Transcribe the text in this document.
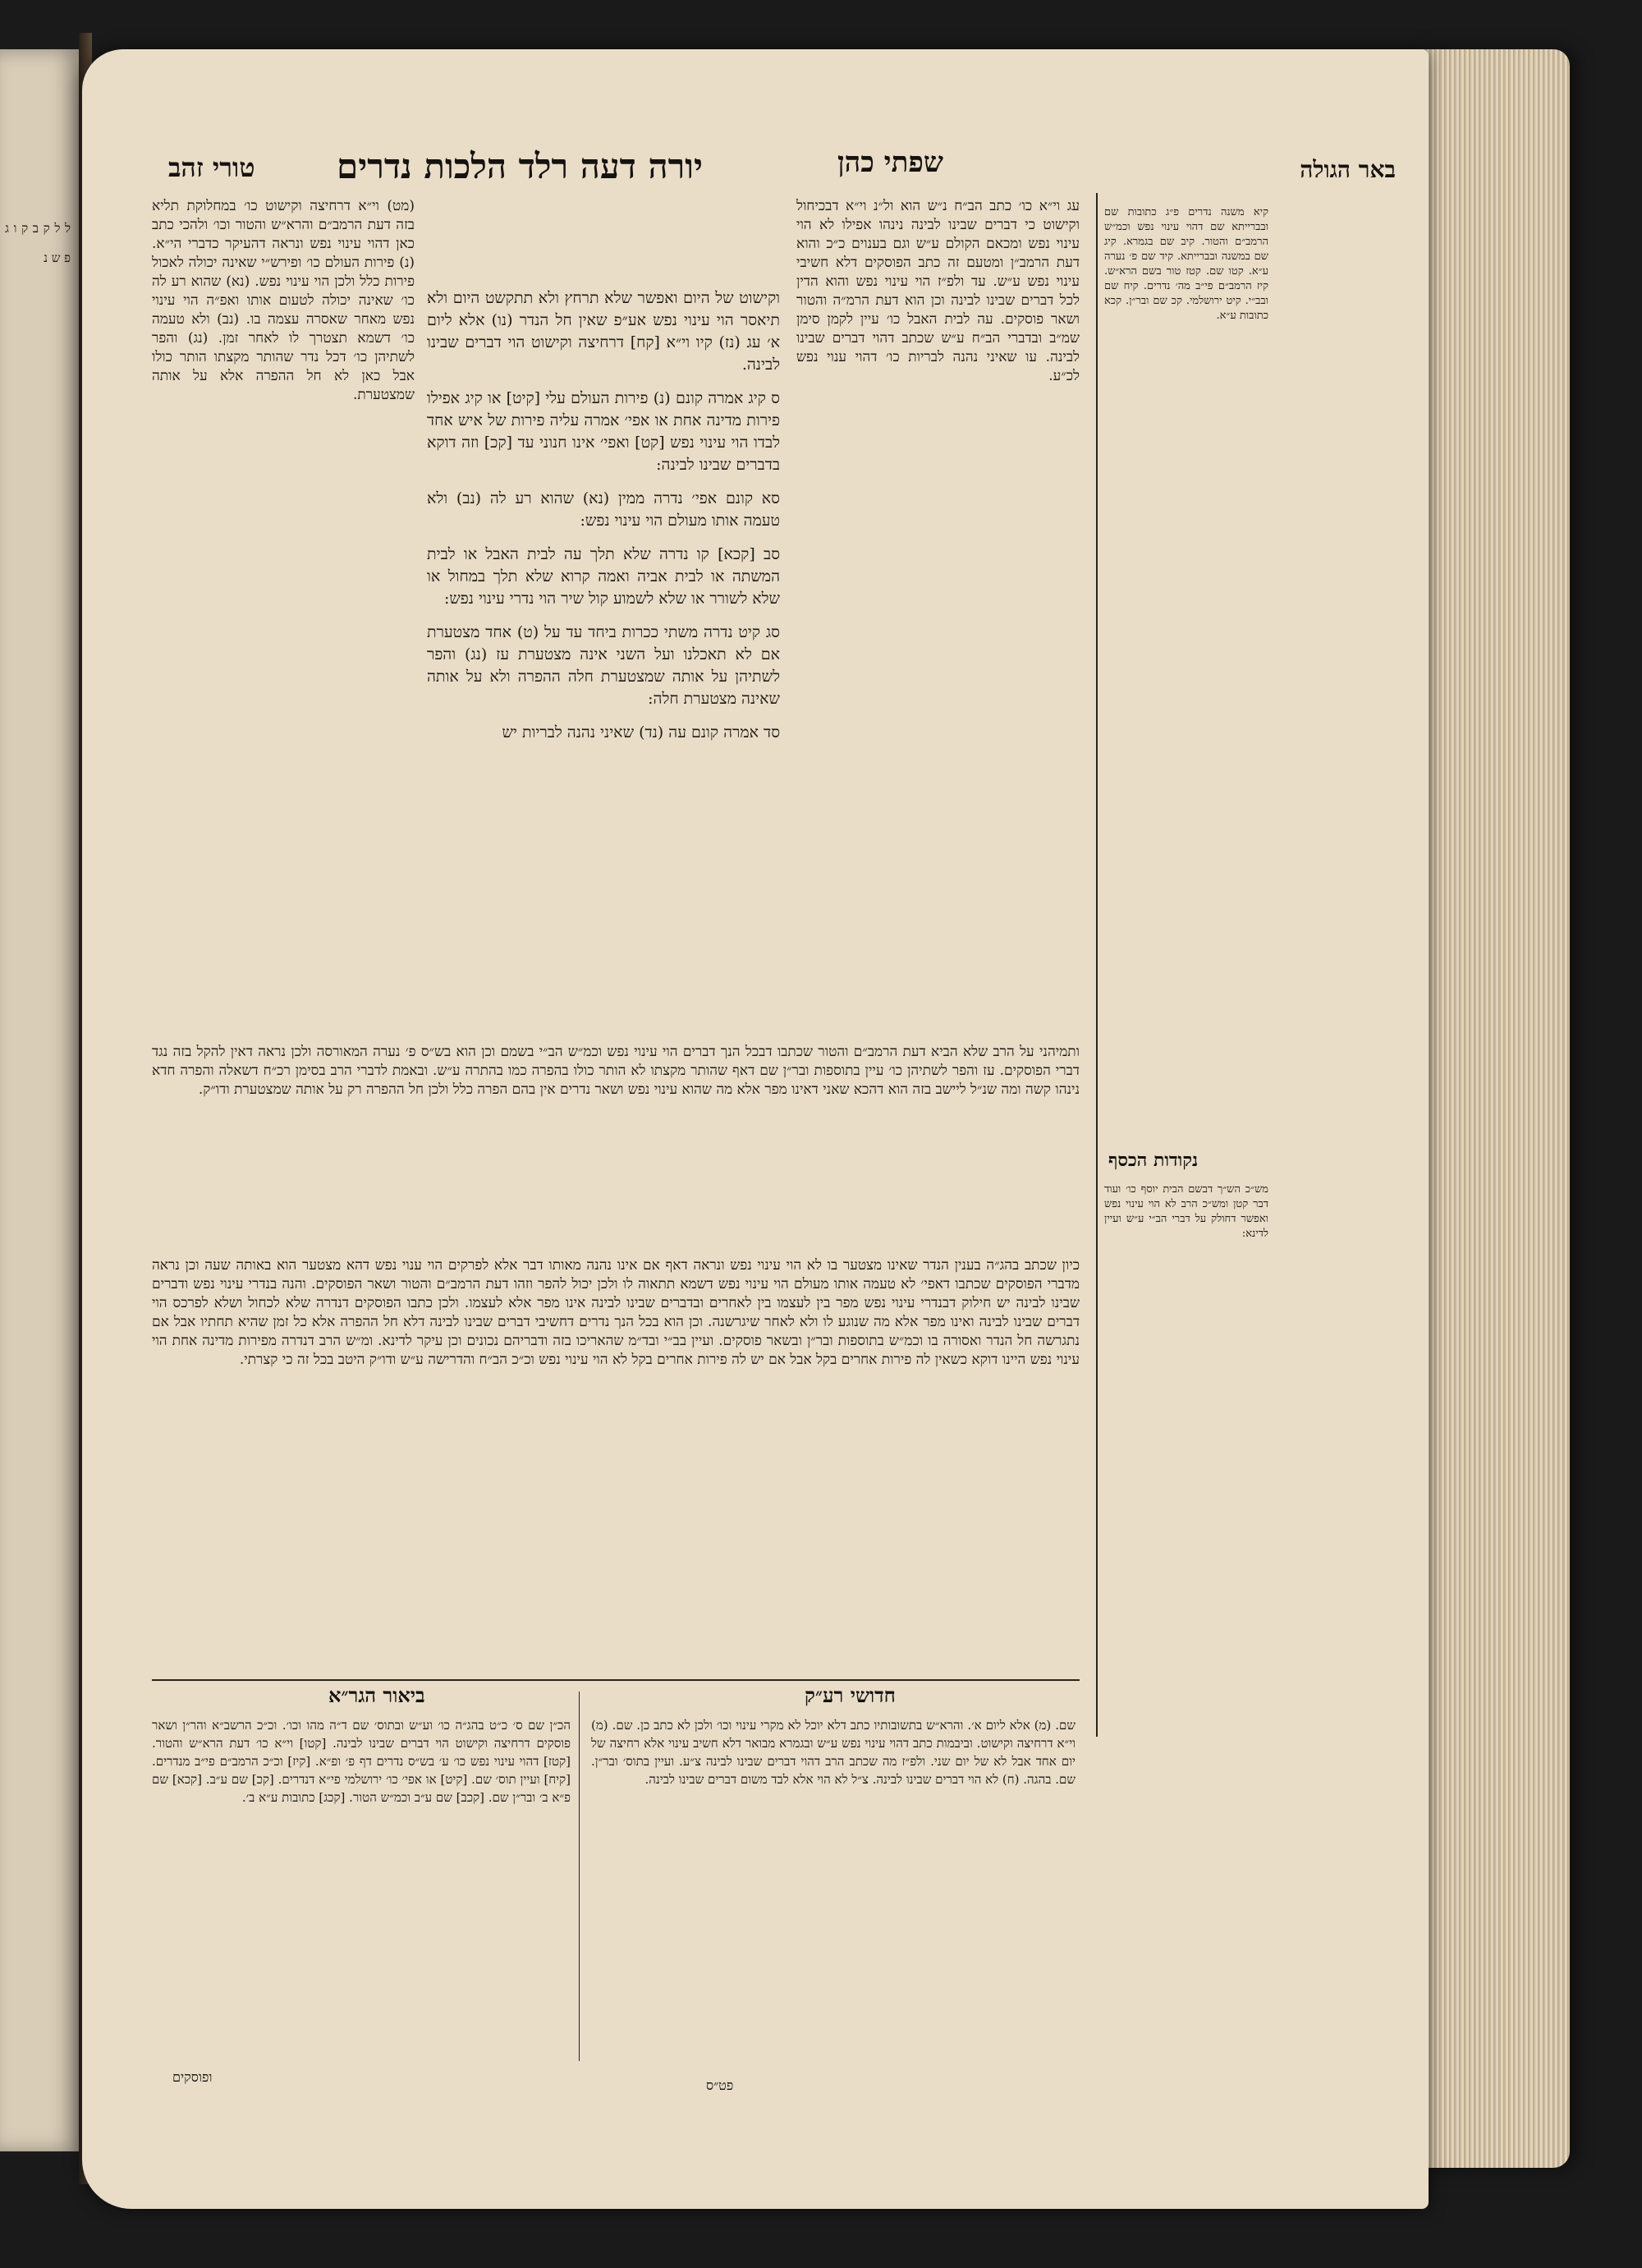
ל ל ק ב ק ו ג פ ש נ
באר הגולה
שפתי כהן
יורה דעה רלד הלכות נדרים
טורי זהב
קיא משנה נדרים פ״ג כתובות שם ובברייתא שם דהוי עינוי נפש וכמ״ש הרמב״ם והטור. קיב שם בגמרא. קיג שם במשנה ובברייתא. קיד שם פ׳ נערה ע״א. קטו שם. קטז טור בשם הרא״ש. קיז הרמב״ם פי״ב מה׳ נדרים. קיח שם ובב״י. קיט ירושלמי. קכ שם ובר״ן. קכא כתובות ע״א.
נקודות הכסף
מש״כ הש״ך דבשם הבית יוסף כו׳ ועוד דבר קטן ומש״כ הרב לא הוי עינוי נפש ואפשר דחולק על דברי הב״י ע״ש ועיין לדינא:
עג וי״א כו׳ כתב הב״ח נ״ש הוא ול״נ וי״א דבכיחול וקישוט כי דברים שבינו לבינה נינהו אפילו לא הוי עינוי נפש ומכאם הקולם ע״ש וגם בענוים כ״כ והוא דעת הרמב״ן ומטעם זה כתב הפוסקים דלא חשיבי עינוי נפש ע״ש. עד ולפ״ז הוי עינוי נפש והוא הדין לכל דברים שבינו לבינה וכן הוא דעת הרמ״ה והטור ושאר פוסקים. עה לבית האבל כו׳ עיין לקמן סימן שמ״ב ובדברי הב״ח ע״ש שכתב דהוי דברים שבינו לבינה. עו שאיני נהנה לבריות כו׳ דהוי ענוי נפש לכ״ע.

וקישוט של היום ואפשר שלא תרחץ ולא תתקשט היום ולא תיאסר הוי עינוי נפש אע״פ שאין חל הנדר (נו) אלא ליום א׳ עג (נז) קיו וי״א [קח] דרחיצה וקישוט הוי דברים שבינו לבינה.

ס קיג אמרה קונם (נ) פירות העולם עלי [קיט] או קיג אפילו פירות מדינה אחת או אפי׳ אמרה עליה פירות של איש אחד לבדו הוי עינוי נפש [קט] ואפי׳ אינו חנוני עד [קכ] וזה דוקא בדברים שבינו לבינה:

סא קונם אפי׳ נדרה ממין (נא) שהוא רע לה (נב) ולא טעמה אותו מעולם הוי עינוי נפש:

סב [קכא] קו נדרה שלא תלך עה לבית האבל או לבית המשתה או לבית אביה ואמה קרוא שלא תלך במחול או שלא לשורר או שלא לשמוע קול שיר הוי נדרי עינוי נפש:

סג קיט נדרה משתי ככרות ביחד עד על (ט) אחד מצטערת אם לא תאכלנו ועל השני אינה מצטערת עז (נג) והפר לשתיהן על אותה שמצטערת חלה ההפרה ולא על אותה שאינה מצטערת חלה:

סד אמרה קונם עה (נד) שאיני נהנה לבריות יש

(מט) וי״א דרחיצה וקישוט כו׳ במחלוקת תליא בזה דעת הרמב״ם והרא״ש והטור וכו׳ ולהכי כתב כאן דהוי עינוי נפש ונראה דהעיקר כדברי הי״א. (נ) פירות העולם כו׳ ופירש״י שאינה יכולה לאכול פירות כלל ולכן הוי עינוי נפש. (נא) שהוא רע לה כו׳ שאינה יכולה לטעום אותו ואפ״ה הוי עינוי נפש מאחר שאסרה עצמה בו. (נב) ולא טעמה כו׳ דשמא תצטרך לו לאחר זמן. (נג) והפר לשתיהן כו׳ דכל נדר שהותר מקצתו הותר כולו אבל כאן לא חל ההפרה אלא על אותה שמצטערת.
ותמיהני על הרב שלא הביא דעת הרמב״ם והטור שכתבו דבכל הנך דברים הוי עינוי נפש וכמ״ש הב״י בשמם וכן הוא בש״ס פ׳ נערה המאורסה ולכן נראה דאין להקל בזה נגד דברי הפוסקים. עז והפר לשתיהן כו׳ עיין בתוספות ובר״ן שם דאף שהותר מקצתו לא הותר כולו בהפרה כמו בהתרה ע״ש. ובאמת לדברי הרב בסימן רכ״ח דשאלה והפרה חדא נינהו קשה ומה שנ״ל ליישב בזה הוא דהכא שאני דאינו מפר אלא מה שהוא עינוי נפש ושאר נדרים אין בהם הפרה כלל ולכן חל ההפרה רק על אותה שמצטערת ודו״ק.
כיון שכתב בהג״ה בענין הנדר שאינו מצטער בו לא הוי עינוי נפש ונראה דאף אם אינו נהנה מאותו דבר אלא לפרקים הוי ענוי נפש דהא מצטער הוא באותה שעה וכן נראה מדברי הפוסקים שכתבו דאפי׳ לא טעמה אותו מעולם הוי עינוי נפש דשמא תתאוה לו ולכן יכול להפר וזהו דעת הרמב״ם והטור ושאר הפוסקים. והנה בנדרי עינוי נפש ודברים שבינו לבינה יש חילוק דבנדרי עינוי נפש מפר בין לעצמו בין לאחרים ובדברים שבינו לבינה אינו מפר אלא לעצמו. ולכן כתבו הפוסקים דנדרה שלא לכחול ושלא לפרכס הוי דברים שבינו לבינה ואינו מפר אלא מה שנוגע לו ולא לאחר שיגרשנה. וכן הוא בכל הנך נדרים דחשיבי דברים שבינו לבינה דלא חל ההפרה אלא כל זמן שהיא תחתיו אבל אם נתגרשה חל הנדר ואסורה בו וכמ״ש בתוספות ובר״ן ובשאר פוסקים. ועיין בב״י ובד״מ שהאריכו בזה ודבריהם נכונים וכן עיקר לדינא. ומ״ש הרב דנדרה מפירות מדינה אחת הוי עינוי נפש היינו דוקא כשאין לה פירות אחרים בקל אבל אם יש לה פירות אחרים בקל לא הוי עינוי נפש וכ״כ הב״ח והדרישה ע״ש ודו״ק היטב בכל זה כי קצרתי.
חדושי רע״ק
שם. (מ) אלא ליום א׳. והרא״ש בתשובותיו כתב דלא יוכל לא מקרי עינוי וכו׳ ולכן לא כתב כן. שם. (מ) וי״א דרחיצה וקישוט. וביבמות כתב דהוי עינוי נפש ע״ש ובגמרא מבואר דלא חשיב עינוי אלא רחיצה של יום אחד אבל לא של יום שני. ולפ״ז מה שכתב הרב דהוי דברים שבינו לבינה צ״ע. ועיין בתוס׳ ובר״ן. שם. בהגה. (ח) לא הוי דברים שבינו לבינה. צ״ל לא הוי אלא לבד משום דברים שבינו לבינה.
ביאור הגר״א
הכ״ן שם ס׳ כ״ט בהג״ה כו׳ וע״ש ובתוס׳ שם ד״ה מהו וכו׳. וכ״כ הרשב״א והר״ן ושאר פוסקים דרחיצה וקישוט הוי דברים שבינו לבינה. [קטו] וי״א כו׳ דעת הרא״ש והטור. [קטז] דהוי עינוי נפש כו׳ ע׳ בש״ס נדרים דף פ׳ ופ״א. [קיז] וכ״כ הרמב״ם פי״ב מנדרים. [קיח] ועיין תוס׳ שם. [קיט] או אפי׳ כו׳ ירושלמי פי״א דנדרים. [קכ] שם ע״ב. [קכא] שם פ״א ב׳ ובר״ן שם. [קכב] שם ע״ב וכמ״ש הטור. [קכג] כתובות ע״א ב׳.
ופוסקים
פט״ס
